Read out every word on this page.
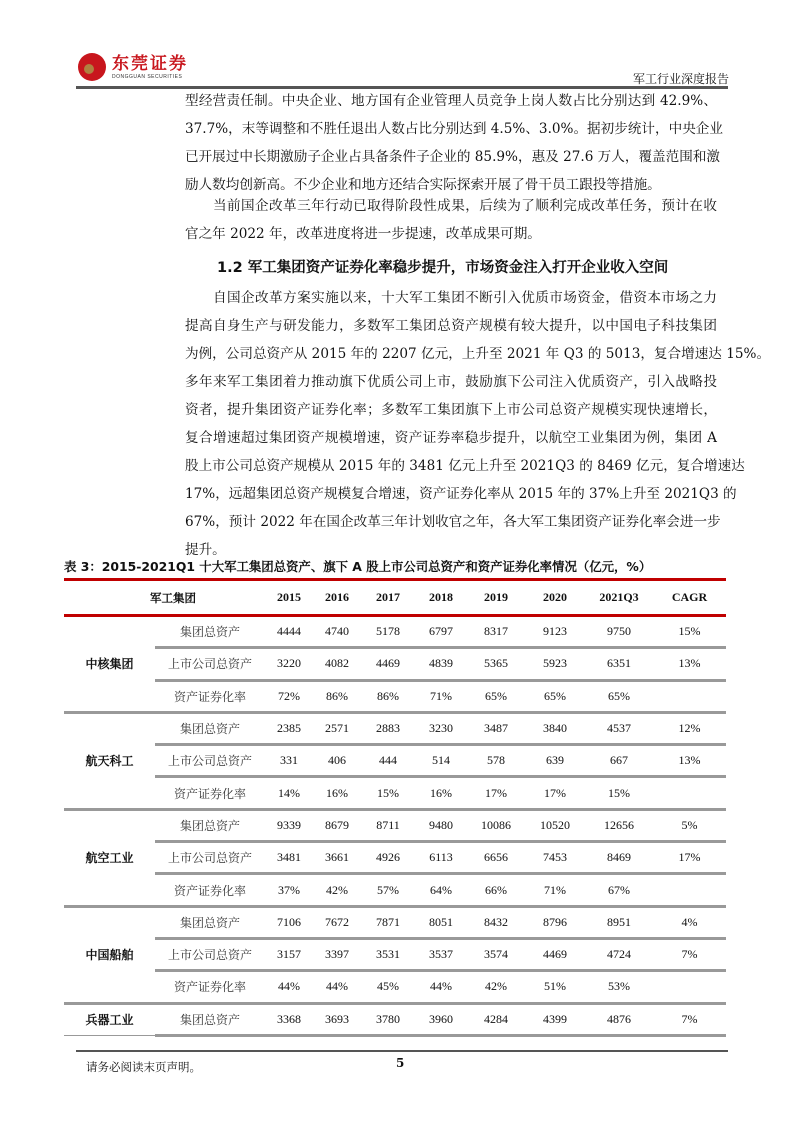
东莞证券
DONGGUAN SECURITIES	军工行业深度报告
型经营责任制。中央企业、地方国有企业管理人员竞争上岗人数占比分别达到 42.9%、
37.7%，末等调整和不胜任退出人数占比分别达到 4.5%、3.0%。据初步统计，中央企业
已开展过中长期激励子企业占具备条件子企业的 85.9%，惠及 27.6 万人，覆盖范围和激
励人数均创新高。不少企业和地方还结合实际探索开展了骨干员工跟投等措施。
当前国企改革三年行动已取得阶段性成果，后续为了顺利完成改革任务，预计在收
官之年 2022 年，改革进度将进一步提速，改革成果可期。
1.2 军工集团资产证券化率稳步提升，市场资金注入打开企业收入空间
自国企改革方案实施以来，十大军工集团不断引入优质市场资金，借资本市场之力
提高自身生产与研发能力，多数军工集团总资产规模有较大提升，以中国电子科技集团
为例，公司总资产从 2015 年的 2207 亿元，上升至 2021 年 Q3 的 5013，复合增速达 15%。
多年来军工集团着力推动旗下优质公司上市，鼓励旗下公司注入优质资产，引入战略投
资者，提升集团资产证券化率；多数军工集团旗下上市公司总资产规模实现快速增长，
复合增速超过集团资产规模增速，资产证券率稳步提升，以航空工业集团为例，集团 A
股上市公司总资产规模从 2015 年的 3481 亿元上升至 2021Q3 的 8469 亿元，复合增速达
17%，远超集团总资产规模复合增速，资产证券化率从 2015 年的 37%上升至 2021Q3 的
67%，预计 2022 年在国企改革三年计划收官之年，各大军工集团资产证券化率会进一步
提升。
表 3：2015-2021Q1 十大军工集团总资产、旗下 A 股上市公司总资产和资产证券化率情况（亿元，%）
军工集团		2015	2016	2017	2018	2019	2020	2021Q3	CAGR
中核集团	集团总资产	4444	4740	5178	6797	8317	9123	9750	15%
	上市公司总资产	3220	4082	4469	4839	5365	5923	6351	13%
	资产证券化率	72%	86%	86%	71%	65%	65%	65%	
航天科工	集团总资产	2385	2571	2883	3230	3487	3840	4537	12%
	上市公司总资产	331	406	444	514	578	639	667	13%
	资产证券化率	14%	16%	15%	16%	17%	17%	15%	
航空工业	集团总资产	9339	8679	8711	9480	10086	10520	12656	5%
	上市公司总资产	3481	3661	4926	6113	6656	7453	8469	17%
	资产证券化率	37%	42%	57%	64%	66%	71%	67%	
中国船舶	集团总资产	7106	7672	7871	8051	8432	8796	8951	4%
	上市公司总资产	3157	3397	3531	3537	3574	4469	4724	7%
	资产证券化率	44%	44%	45%	44%	42%	51%	53%	
兵器工业	集团总资产	3368	3693	3780	3960	4284	4399	4876	7%
请务必阅读末页声明。	5
